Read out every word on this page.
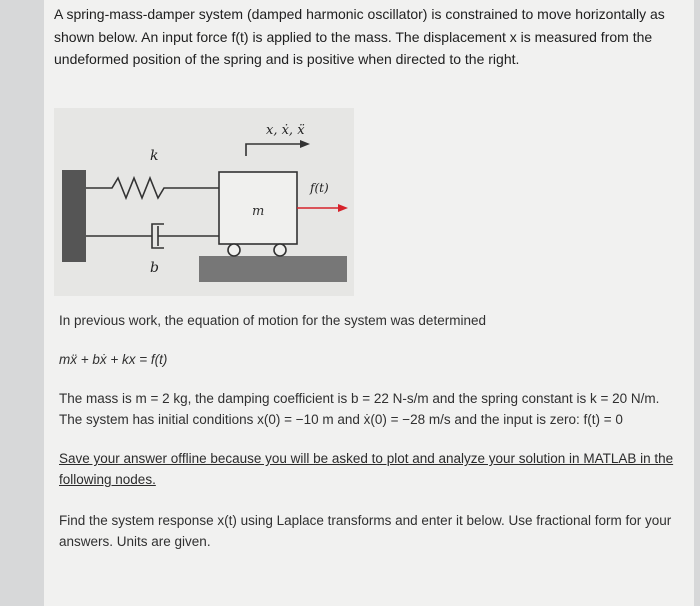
A spring-mass-damper system (damped harmonic oscillator) is constrained to move horizontally as shown below. An input force f(t) is applied to the mass. The displacement x is measured from the undeformed position of the spring and is positive when directed to the right.

k
b
m
f(t)
x, ẋ, ẍ

In previous work, the equation of motion for the system was determined

mẍ + bẋ + kx = f(t)

The mass is m = 2 kg, the damping coefficient is b = 22 N-s/m and the spring constant is k = 20 N/m. The system has initial conditions x(0) = −10 m and ẋ(0) = −28 m/s and the input is zero: f(t) = 0

Save your answer offline because you will be asked to plot and analyze your solution in MATLAB in the following nodes.

Find the system response x(t) using Laplace transforms and enter it below. Use fractional form for your answers. Units are given.
